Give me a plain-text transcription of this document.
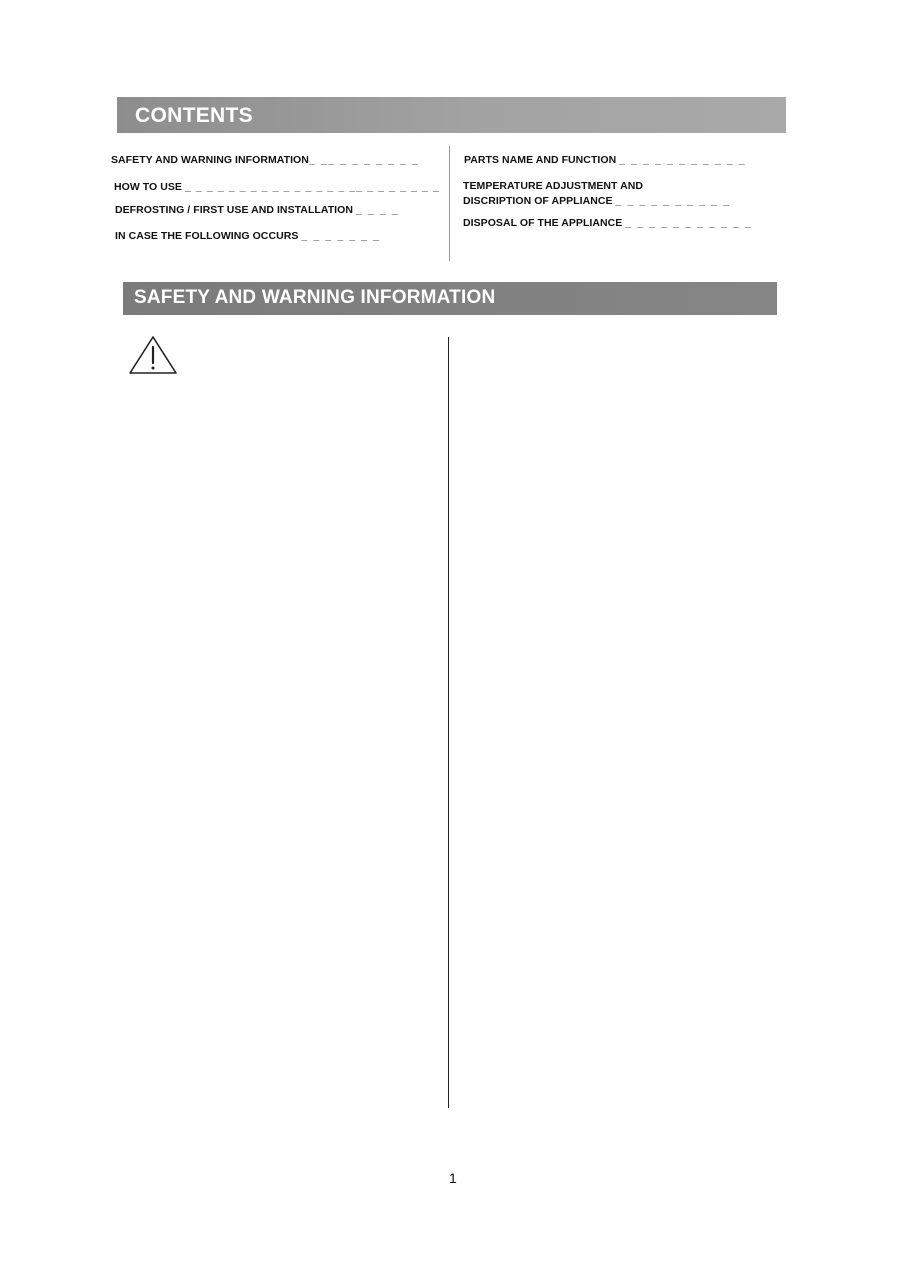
CONTENTS
SAFETY AND WARNING INFORMATION_ __ _ _ _ _ _ _ _
HOW TO USE _ _ _ _ _ _ _ _ _ _ _ _ _ _ _ __ _ _ _ _ _ _ _
DEFROSTING / FIRST USE AND INSTALLATION _ _ _ _
IN CASE THE FOLLOWING OCCURS _ _ _ _ _ _ _
PARTS NAME AND FUNCTION _ _ _ _ _ _ _ _ _ _ _
TEMPERATURE ADJUSTMENT AND
DISCRIPTION OF APPLIANCE _ _ _ _ _ _ _ _ _ _
DISPOSAL OF THE APPLIANCE _ _ _ _ _ _ _ _ _ _ _
SAFETY AND WARNING INFORMATION
1
